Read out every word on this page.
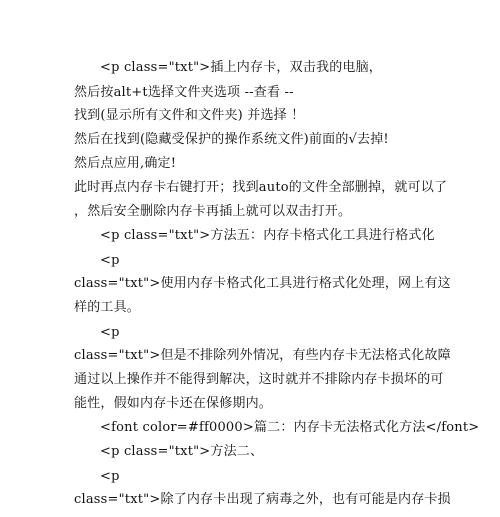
<p class="txt">插上内存卡，双击我的电脑，
然后按alt+t选择文件夹选项 --查看 --
找到(显示所有文件和文件夹) 并选择 ！
然后在找到(隐藏受保护的操作系统文件)前面的√去掉!
然后点应用,确定!
此时再点内存卡右键打开；找到auto的文件全部删掉，就可以了
，然后安全删除内存卡再插上就可以双击打开。
<p class="txt">方法五：内存卡格式化工具进行格式化
<p
class="txt">使用内存卡格式化工具进行格式化处理，网上有这
样的工具。
<p
class="txt">但是不排除列外情况，有些内存卡无法格式化故障
通过以上操作并不能得到解决，这时就并不排除内存卡损坏的可
能性，假如内存卡还在保修期内。
<font color=#ff0000>篇二：内存卡无法格式化方法</font>
<p class="txt">方法二、
<p
class="txt">除了内存卡出现了病毒之外，也有可能是内存卡损
